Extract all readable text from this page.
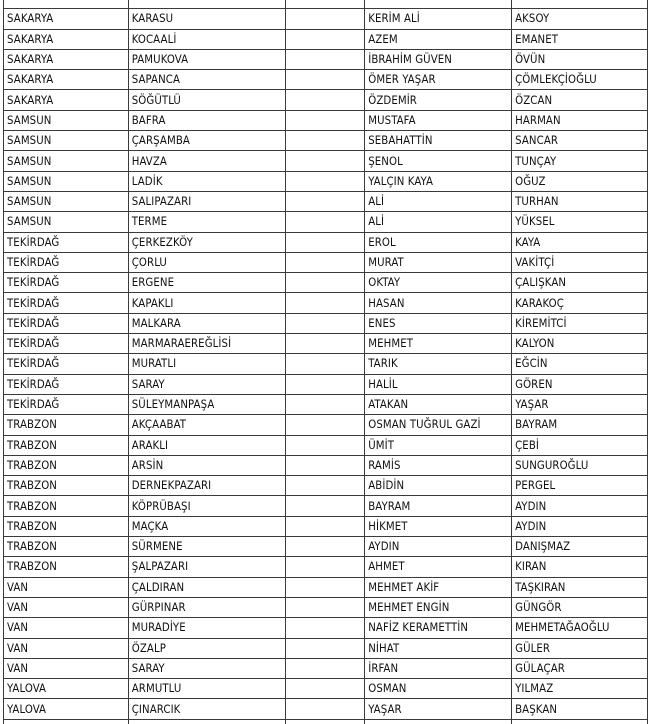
SAKARYA	KARASU		KERİM ALİ	AKSOY
SAKARYA	KOCAALİ		AZEM	EMANET
SAKARYA	PAMUKOVA		İBRAHİM GÜVEN	ÖVÜN
SAKARYA	SAPANCA		ÖMER YAŞAR	ÇÖMLEKÇİOĞLU
SAKARYA	SÖĞÜTLÜ		ÖZDEMİR	ÖZCAN
SAMSUN	BAFRA		MUSTAFA	HARMAN
SAMSUN	ÇARŞAMBA		SEBAHATTİN	SANCAR
SAMSUN	HAVZA		ŞENOL	TUNÇAY
SAMSUN	LADİK		YALÇIN KAYA	OĞUZ
SAMSUN	SALIPAZARI		ALİ	TURHAN
SAMSUN	TERME		ALİ	YÜKSEL
TEKİRDAĞ	ÇERKEZKÖY		EROL	KAYA
TEKİRDAĞ	ÇORLU		MURAT	VAKİTÇİ
TEKİRDAĞ	ERGENE		OKTAY	ÇALIŞKAN
TEKİRDAĞ	KAPAKLI		HASAN	KARAKOÇ
TEKİRDAĞ	MALKARA		ENES	KİREMİTCİ
TEKİRDAĞ	MARMARAEREĞLİSİ		MEHMET	KALYON
TEKİRDAĞ	MURATLI		TARIK	EĞCİN
TEKİRDAĞ	SARAY		HALİL	GÖREN
TEKİRDAĞ	SÜLEYMANPAŞA		ATAKAN	YAŞAR
TRABZON	AKÇAABAT		OSMAN TUĞRUL GAZİ	BAYRAM
TRABZON	ARAKLI		ÜMİT	ÇEBİ
TRABZON	ARSİN		RAMİS	SUNGUROĞLU
TRABZON	DERNEKPAZARI		ABİDİN	PERGEL
TRABZON	KÖPRÜBAŞI		BAYRAM	AYDIN
TRABZON	MAÇKA		HİKMET	AYDIN
TRABZON	SÜRMENE		AYDIN	DANIŞMAZ
TRABZON	ŞALPAZARI		AHMET	KIRAN
VAN	ÇALDIRAN		MEHMET AKİF	TAŞKIRAN
VAN	GÜRPINAR		MEHMET ENGİN	GÜNGÖR
VAN	MURADİYE		NAFİZ KERAMETTİN	MEHMETAĞAOĞLU
VAN	ÖZALP		NİHAT	GÜLER
VAN	SARAY		İRFAN	GÜLAÇAR
YALOVA	ARMUTLU		OSMAN	YILMAZ
YALOVA	ÇINARCIK		YAŞAR	BAŞKAN
